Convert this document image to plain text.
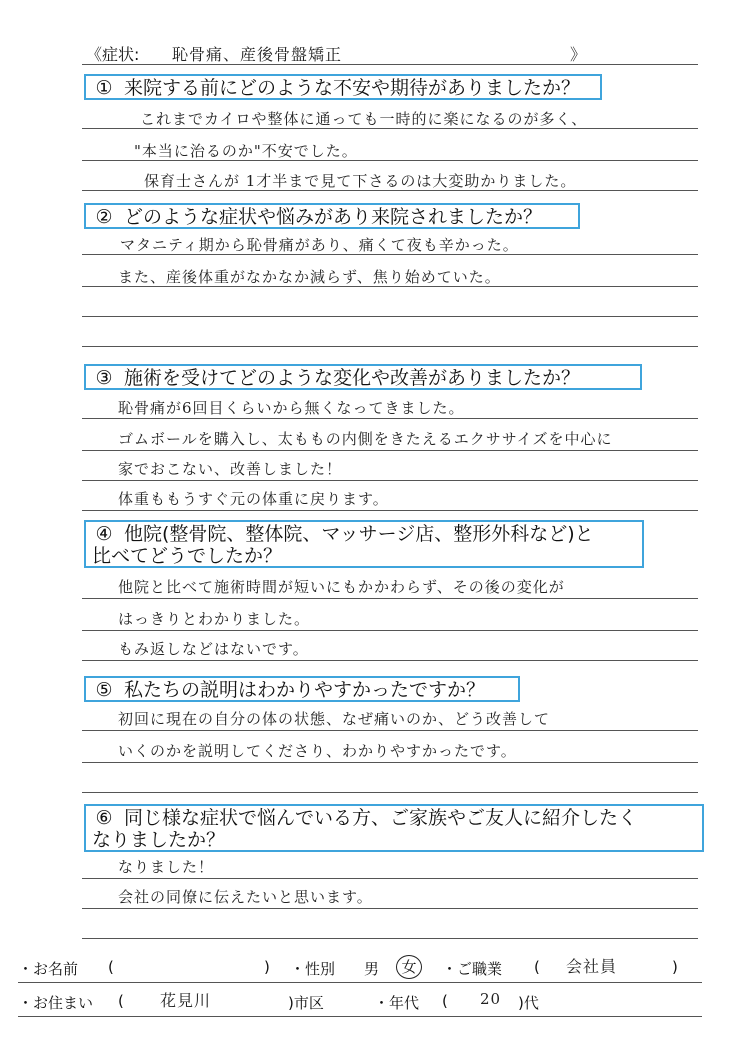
《症状: 恥骨痛、産後骨盤矯正	》
① 来院する前にどのような不安や期待がありましたか？
これまでカイロや整体に通っても一時的に楽になるのが多く、
"本当に治るのか"不安でした。
保育士さんが 1才半まで見て下さるのは大変助かりました。
② どのような症状や悩みがあり来院されましたか？
マタニティ期から恥骨痛があり、痛くて夜も辛かった。
また、産後体重がなかなか減らず、焦り始めていた。
③ 施術を受けてどのような変化や改善がありましたか？
恥骨痛が6回目くらいから無くなってきました。
ゴムボールを購入し、太ももの内側をきたえるエクササイズを中心に
家でおこない、改善しました！
体重ももうすぐ元の体重に戻ります。
④ 他院(整骨院、整体院、マッサージ店、整形外科など)と
比べてどうでしたか？
他院と比べて施術時間が短いにもかかわらず、その後の変化が
はっきりとわかりました。
もみ返しなどはないです。
⑤ 私たちの説明はわかりやすかったですか？
初回に現在の自分の体の状態、なぜ痛いのか、どう改善して
いくのかを説明してくださり、わかりやすかったです。
⑥ 同じ様な症状で悩んでいる方、ご家族やご友人に紹介したく
なりましたか？
なりました！
会社の同僚に伝えたいと思います。
・お名前 (	) ・性別 男	女	・ご職業 ( 会社員	)
・お住まい ( 花見川	)市区	・年代 ( 20 )代
